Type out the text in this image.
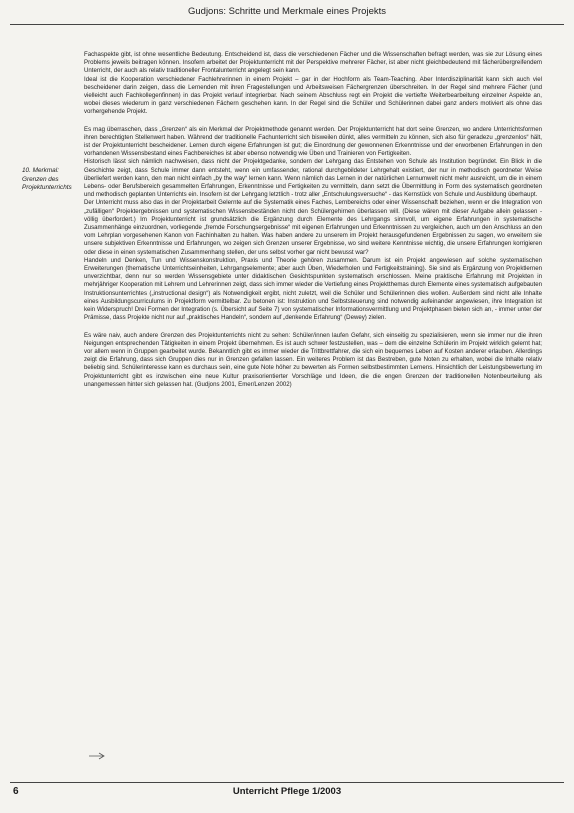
Gudjons: Schritte und Merkmale eines Projekts
10. Merkmal:
Grenzen des
Projektunterrichts

Fachaspekte gibt, ist ohne wesentliche Bedeutung. Entscheidend ist, dass die verschiedenen Fächer und die Wissenschaften befragt werden, was sie zur Lösung eines Problems jeweils beitragen können. Insofern arbeitet der Projektunterricht mit der Perspektive mehrerer Fächer, ist aber nicht gleichbedeutend mit fächerübergreifendem Unterricht, der auch als relativ traditioneller Frontalunterricht angelegt sein kann.

Ideal ist die Kooperation verschiedener Fachlehrerinnen in einem Projekt – gar in der Hochform als Team-Teaching. Aber Interdisziplinarität kann sich auch viel bescheidener darin zeigen, dass die Lernenden mit ihren Fragestellungen und Arbeitsweisen Fächergrenzen überschreiten. In der Regel sind mehrere Fächer (und vielleicht auch Fachkollegenfinnen) in das Projekt verlauf integrierbar. Nach seinem Abschluss regt ein Projekt die vertiefte Weiterbearbeitung einzelner Aspekte an, wobei dieses wiederum in ganz verschiedenen Fächern geschehen kann. In der Regel sind die Schüler und Schülerinnen dabei ganz anders motiviert als ohne das vorhergehende Projekt.

Es mag überraschen, dass „Grenzen“ als ein Merkmal der Projektmethode genannt werden. Der Projektunterricht hat dort seine Grenzen, wo andere Unterrichtsformen ihren berechtigten Stellenwert haben. Während der traditionelle Fachunterricht sich bisweilen dünkt, alles vermitteln zu können, sich also für geradezu „grenzenlos“ hält, ist der Projektunterricht bescheidener. Lernen durch eigene Erfahrungen ist gut; die Einordnung der gewonnenen Erkenntnisse und der erworbenen Erfahrungen in den vorhandenen Wissensbestand eines Fachbereiches ist aber ebenso notwendig wie Üben und Trainieren von Fertigkeiten.

Historisch lässt sich nämlich nachweisen, dass nicht der Projektgedanke, sondern der Lehrgang das Entstehen von Schule als Institution begründet. Ein Blick in die Geschichte zeigt, dass Schule immer dann entsteht, wenn ein umfassender, rational durchgebildeter Lehrgehalt existiert, der nur in methodisch geordneter Weise überliefert werden kann, den man nicht einfach „by the way“ lernen kann. Wenn nämlich das Lernen in der natürlichen Lernumwelt nicht mehr ausreicht, um die in einem Lebens- oder Berufsbereich gesammelten Erfahrungen, Erkenntnisse und Fertigkeiten zu vermitteln, dann setzt die Übermittlung in Form des systematisch geordneten und methodisch geplanten Unterrichts ein. Insofern ist der Lehrgang letztlich - trotz aller „Entschulungsversuche“ - das Kernstück von Schule und Ausbildung überhaupt.

Der Unterricht muss also das in der Projektarbeit Gelernte auf die Systematik eines Faches, Lernbereichs oder einer Wissenschaft beziehen, wenn er die Integration von „zufälligen“ Projektergebnissen und systematischen Wissensbeständen nicht den Schülergehirnen überlassen will. (Diese wären mit dieser Aufgabe allein gelassen - völlig überfordert.) Im Projektunterricht ist grundsätzlich die Ergänzung durch Elemente des Lehrgangs sinnvoll, um eigene Erfahrungen in systematische Zusammenhänge einzuordnen, vorliegende „fremde Forschungsergebnisse“ mit eigenen Erfahrungen und Erkenntnissen zu vergleichen, auch um den Anschluss an den vom Lehrplan vorgesehenen Kanon von Fachinhalten zu halten. Was haben andere zu unserem im Projekt herausgefundenen Ergebnissen zu sagen, wo erweitern sie unsere subjektiven Erkenntnisse und Erfahrungen, wo zeigen sich Grenzen unserer Ergebnisse, wo sind weitere Kenntnisse wichtig, die unsere Erfahrungen korrigieren oder diese in einen systematischen Zusammenhang stellen, der uns selbst vorher gar nicht bewusst war?

Handeln und Denken, Tun und Wissenskonstruktion, Praxis und Theorie gehören zusammen. Darum ist ein Projekt angewiesen auf solche systematischen Erweiterungen (thematische Unterrichtseinheiten, Lehrgangselemente; aber auch Üben, Wiederholen und Fertigkeitstraining). Sie sind als Ergänzung von Projektlernen unverzichtbar, denn nur so werden Wissensgebiete unter didaktischen Gesichtspunkten systematisch erschlossen. Meine praktische Erfahrung mit Projekten in mehrjähriger Kooperation mit Lehrern und Lehrerinnen zeigt, dass sich immer wieder die Vertiefung eines Projektthemas durch Elemente eines systematisch aufgebauten Instruktionsunterrichtes („instructional design“) als Notwendigkeit ergibt, nicht zuletzt, weil die Schüler und Schülerinnen dies wollen. Außerdem sind nicht alle Inhalte eines Ausbildungscurriculums in Projektform vermittelbar. Zu betonen ist: Instruktion und Selbststeuerung sind notwendig aufeinander angewiesen, ihre Integration ist kein Widerspruch! Drei Formen der Integration (s. Übersicht auf Seite 7) von systematischer Informationsvermittlung und Projektphasen bieten sich an, - immer unter der Prämisse, dass Projekte nicht nur auf „praktisches Handeln“, sondern auf „denkende Erfahrung“ (Dewey) zielen.

Es wäre naiv, auch andere Grenzen des Projektunterrichts nicht zu sehen: Schüler/innen laufen Gefahr, sich einseitig zu spezialisieren, wenn sie immer nur die ihren Neigungen entsprechenden Tätigkeiten in einem Projekt übernehmen. Es ist auch schwer festzustellen, was – dem die einzelne Schülerin im Projekt wirklich gelernt hat; vor allem wenn in Gruppen gearbeitet wurde. Bekanntlich gibt es immer wieder die Trittbrettfahrer, die sich ein bequemes Leben auf Kosten anderer erlauben. Allerdings zeigt die Erfahrung, dass sich Gruppen dies nur in Grenzen gefallen lassen. Ein weiteres Problem ist das Bestreben, gute Noten zu erhalten, wobei die Inhalte relativ beliebig sind. Schülerinteresse kann es durchaus sein, eine gute Note höher zu bewerten als Formen selbstbestimmten Lernens. Hinsichtlich der Leistungsbewertung im Projektunterricht gibt es inzwischen eine neue Kultur praxisorientierter Vorschläge und Ideen, die die engen Grenzen der traditionellen Notenbeurteilung als unangemessen hinter sich gelassen hat. (Gudjons 2001, Emer/Lenzen 2002)

6	Unterricht Pflege 1/2003
